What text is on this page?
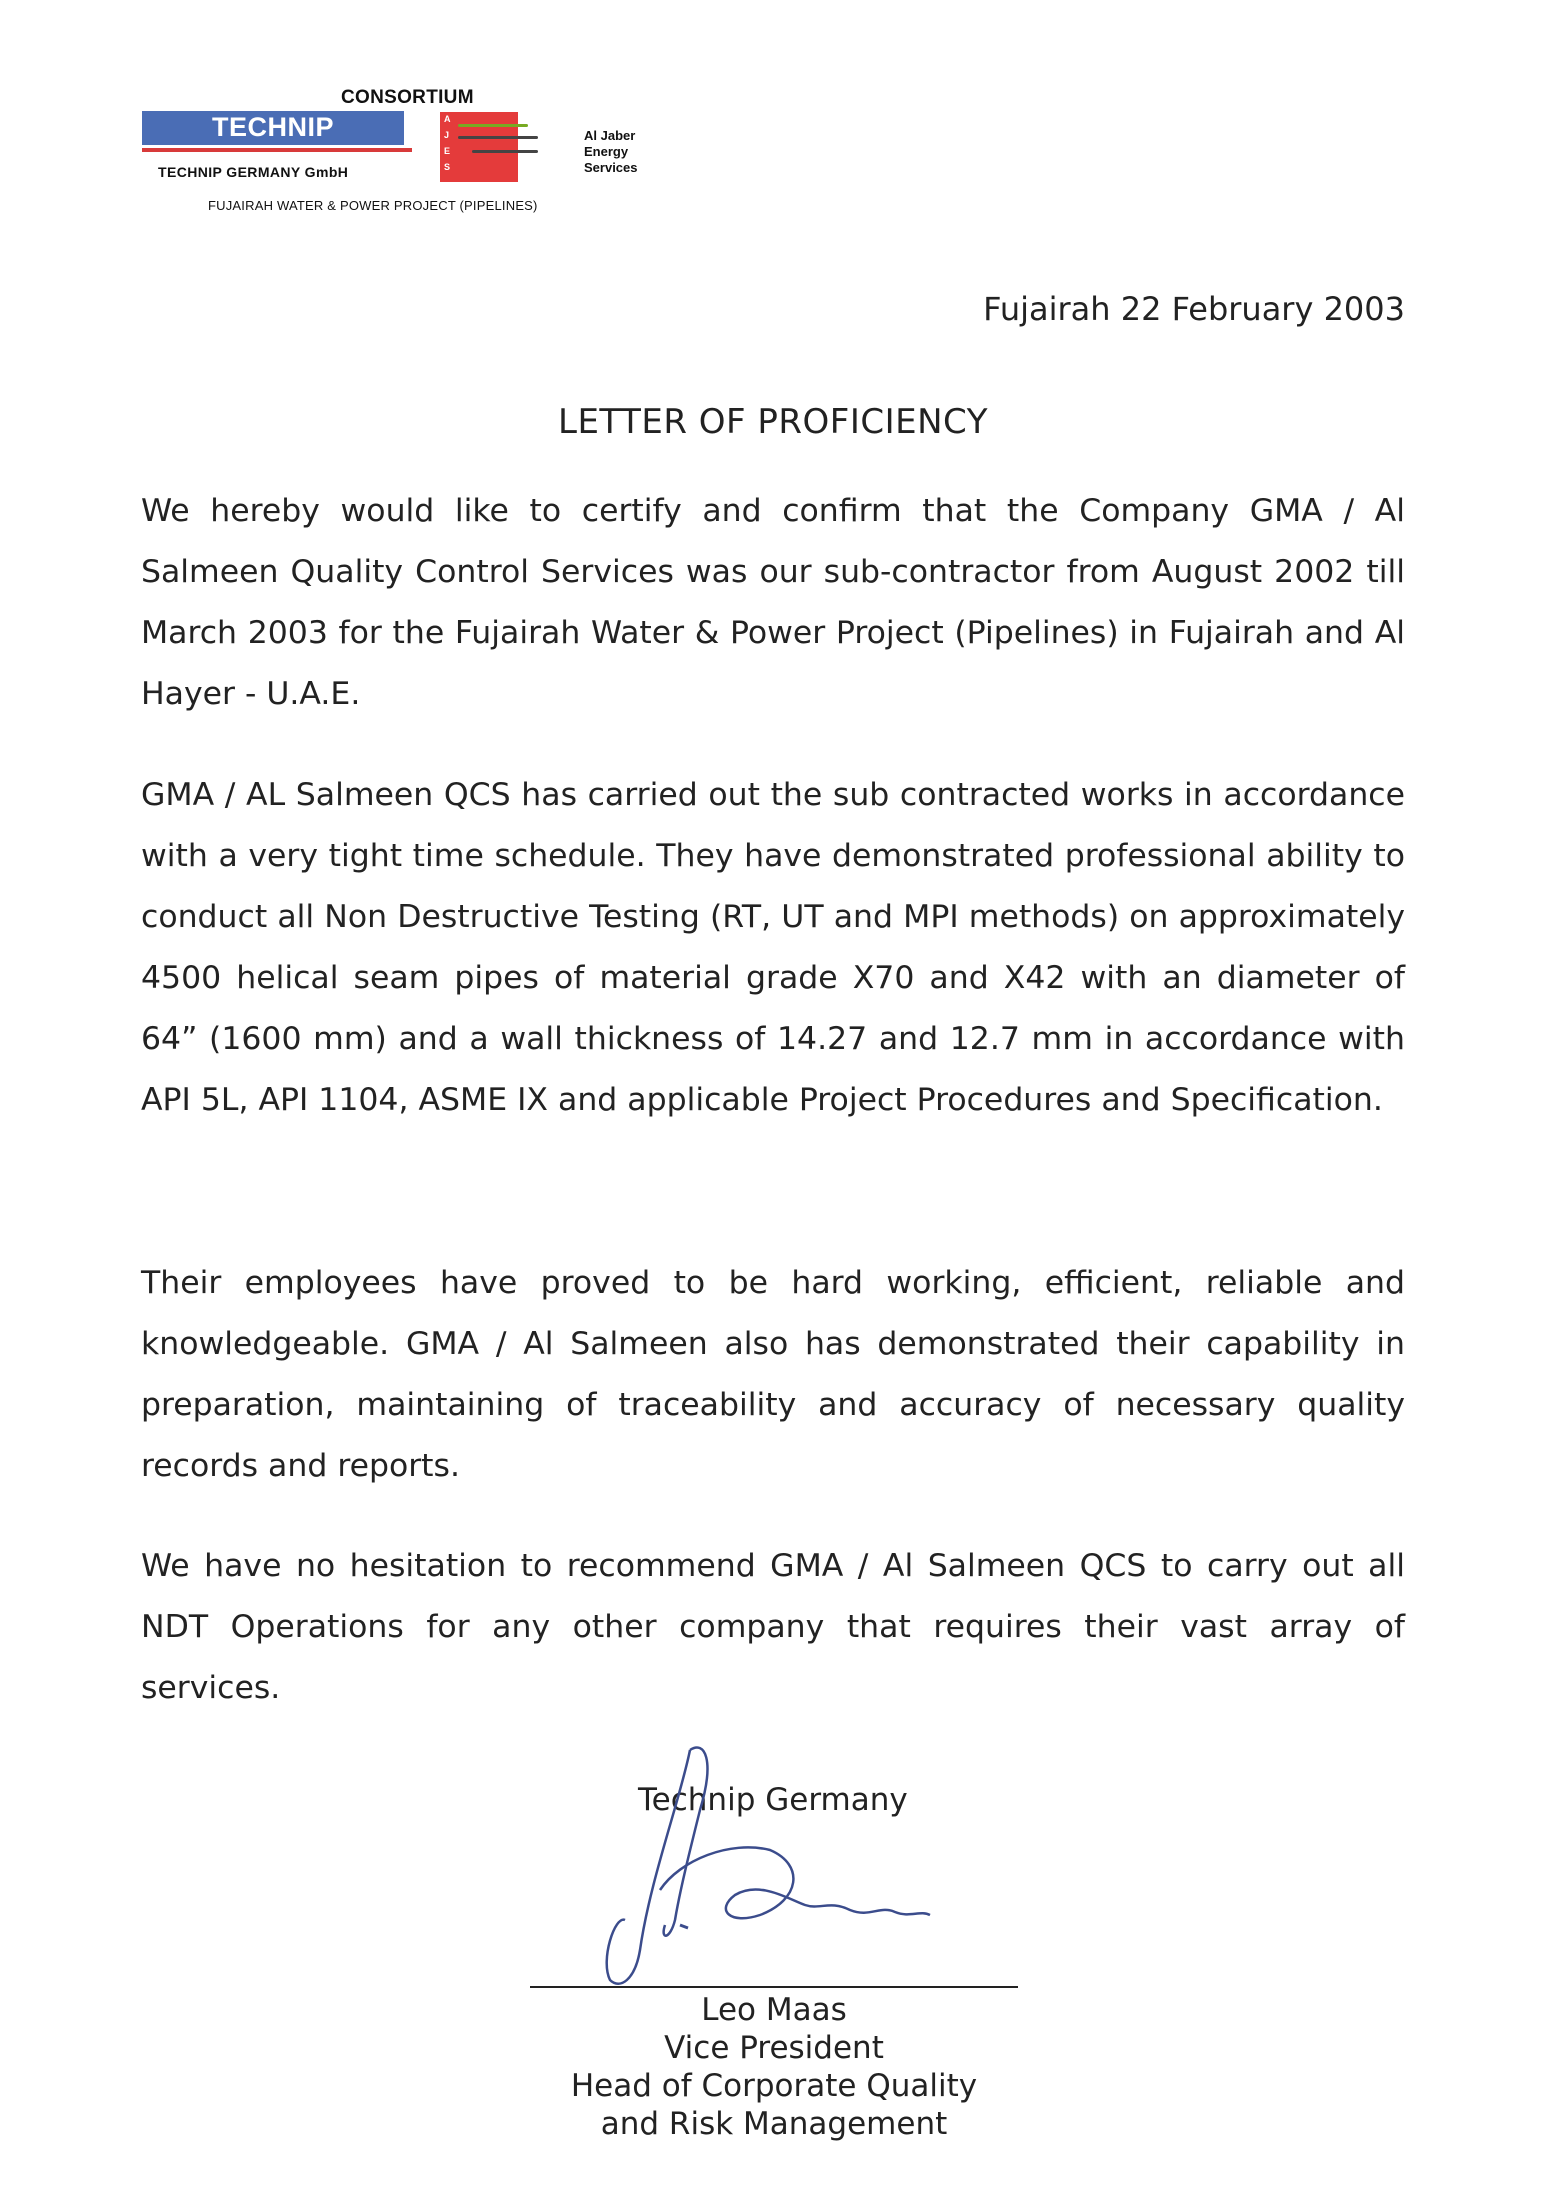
CONSORTIUM
TECHNIP
TECHNIP GERMANY GmbH
A
J
E
S
Al Jaber
Energy
Services
FUJAIRAH WATER & POWER PROJECT (PIPELINES)
Fujairah 22 February 2003
LETTER OF PROFICIENCY

We hereby would like to certify and confirm that the Company GMA / Al Salmeen Quality Control Services was our sub-contractor from August 2002 till March 2003 for the Fujairah Water & Power Project (Pipelines) in Fujairah and Al Hayer - U.A.E.

GMA / AL Salmeen QCS has carried out the sub contracted works in accordance with a very tight time schedule. They have demonstrated professional ability to conduct all Non Destructive Testing (RT, UT and MPI methods) on approximately 4500 helical seam pipes of material grade X70 and X42 with an diameter of 64” (1600 mm) and a wall thickness of 14.27 and 12.7 mm in accordance with API 5L, API 1104, ASME IX and applicable Project Procedures and Specification.

Their employees have proved to be hard working, efficient, reliable and knowledgeable. GMA / Al Salmeen also has demonstrated their capability in preparation, maintaining of traceability and accuracy of necessary quality records and reports.

We have no hesitation to recommend GMA / Al Salmeen QCS to carry out all NDT Operations for any other company that requires their vast array of services.

Technip Germany
Leo Maas
Vice President
Head of Corporate Quality
and Risk Management
